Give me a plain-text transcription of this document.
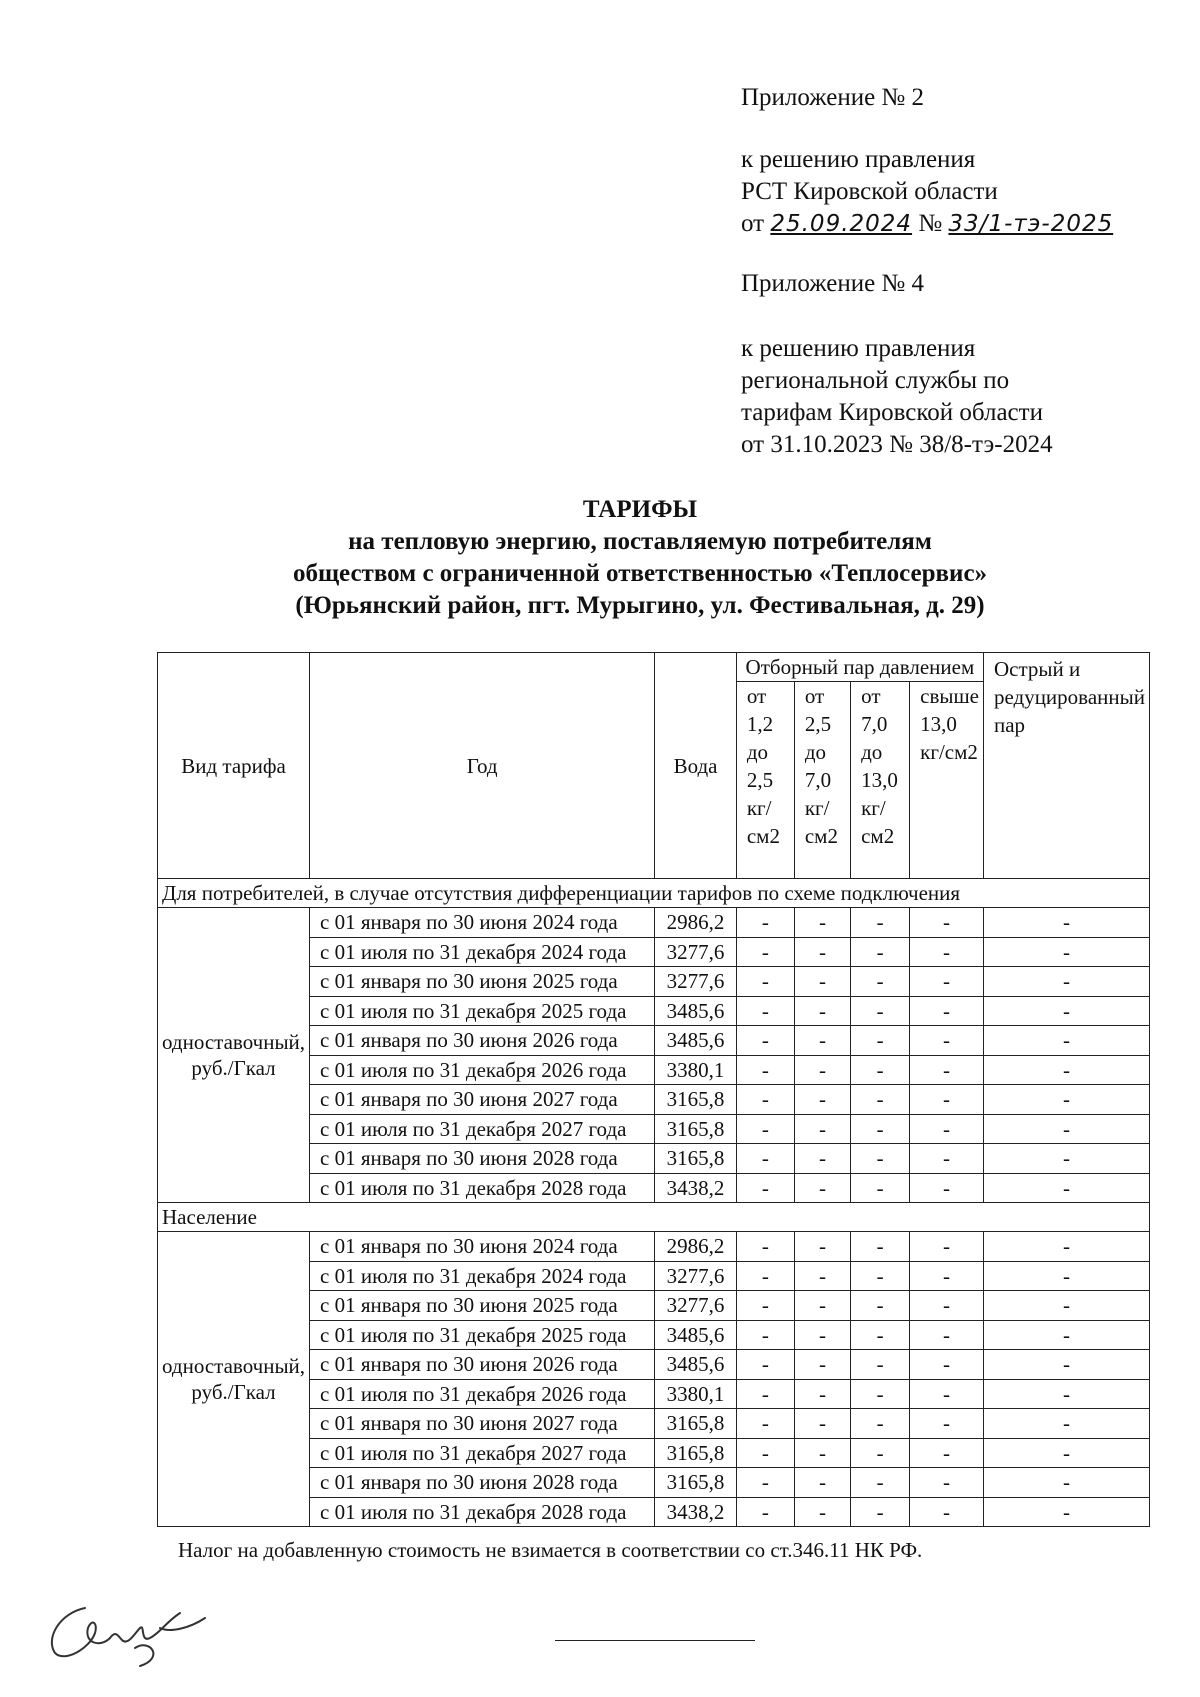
Приложение № 2

к решению правления

РСТ Кировской области

от 25.09.2024 № 33/1-тэ-2025

Приложение № 4

к решению правления

региональной службы по

тарифам Кировской области

от 31.10.2023 № 38/8-тэ-2024

ТАРИФЫ

на тепловую энергию, поставляемую потребителям

обществом с ограниченной ответственностью «Теплосервис»

(Юрьянский район, пгт. Мурыгино, ул. Фестивальная, д. 29)

Вид тарифа	Год	Вода	Отборный пар давлением				Острый и редуцированный пар
			от 1,2 до 2,5 кг/см2	от 2,5 до 7,0 кг/см2	от 7,0 до 13,0 кг/см2	свыше 13,0 кг/см2	
Для потребителей, в случае отсутствия дифференциации тарифов по схеме подключения							
одноставочный, руб./Гкал	с 01 января по 30 июня 2024 года	2986,2	-	-	-	-	-
	с 01 июля по 31 декабря 2024 года	3277,6	-	-	-	-	-
	с 01 января по 30 июня 2025 года	3277,6	-	-	-	-	-
	с 01 июля по 31 декабря 2025 года	3485,6	-	-	-	-	-
	с 01 января по 30 июня 2026 года	3485,6	-	-	-	-	-
	с 01 июля по 31 декабря 2026 года	3380,1	-	-	-	-	-
	с 01 января по 30 июня 2027 года	3165,8	-	-	-	-	-
	с 01 июля по 31 декабря 2027 года	3165,8	-	-	-	-	-
	с 01 января по 30 июня 2028 года	3165,8	-	-	-	-	-
	с 01 июля по 31 декабря 2028 года	3438,2	-	-	-	-	-
Население							
одноставочный, руб./Гкал	с 01 января по 30 июня 2024 года	2986,2	-	-	-	-	-
	с 01 июля по 31 декабря 2024 года	3277,6	-	-	-	-	-
	с 01 января по 30 июня 2025 года	3277,6	-	-	-	-	-
	с 01 июля по 31 декабря 2025 года	3485,6	-	-	-	-	-
	с 01 января по 30 июня 2026 года	3485,6	-	-	-	-	-
	с 01 июля по 31 декабря 2026 года	3380,1	-	-	-	-	-
	с 01 января по 30 июня 2027 года	3165,8	-	-	-	-	-
	с 01 июля по 31 декабря 2027 года	3165,8	-	-	-	-	-
	с 01 января по 30 июня 2028 года	3165,8	-	-	-	-	-
	с 01 июля по 31 декабря 2028 года	3438,2	-	-	-	-	-
Налог на добавленную стоимость не взимается в соответствии со ст.346.11 НК РФ.
